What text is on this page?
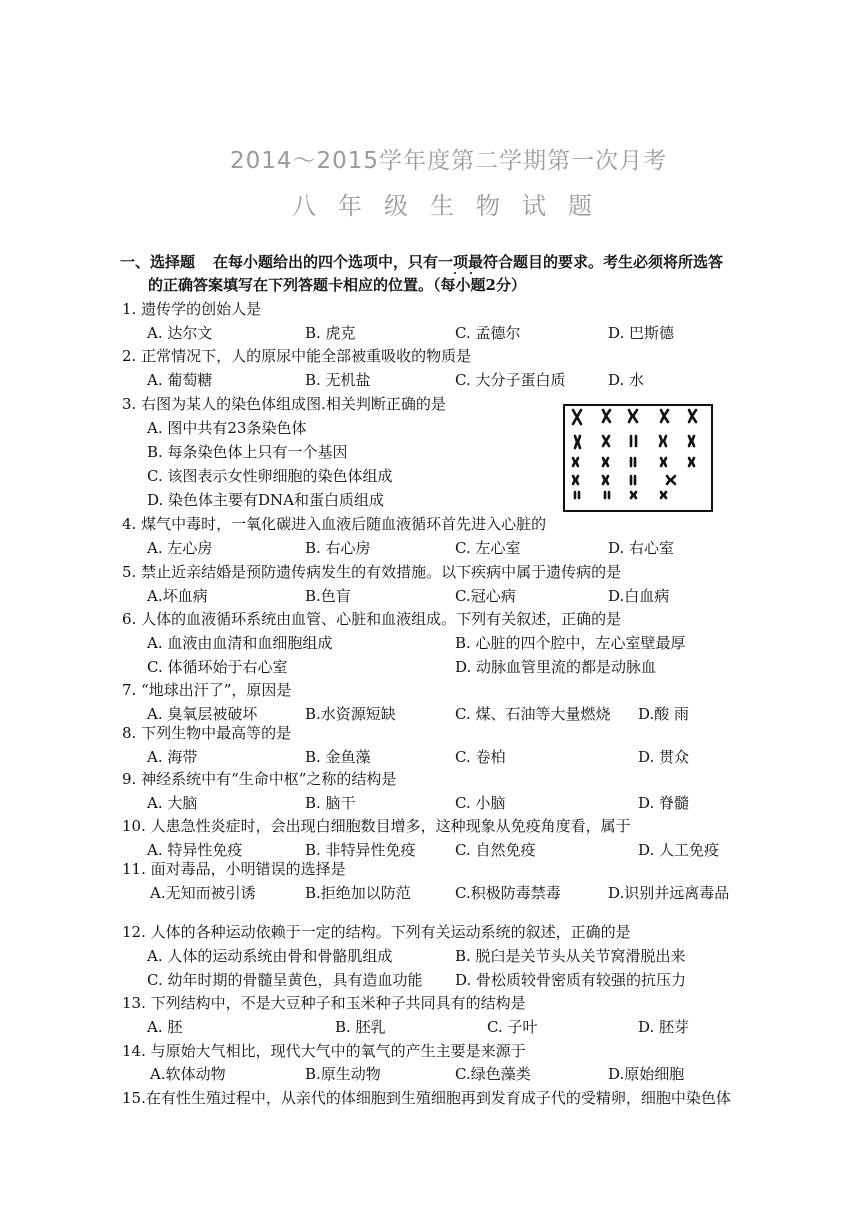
2014～2015学年度第二学期第一次月考
八年级生物试题
一、选择题 在每小题给出的四个选项中，只有一项最符合题目的要求。考生必须将所选答
的正确答案填写在下列答题卡相应的位置。（每小题2分）
1. 遗传学的创始人是
A. 达尔文	B. 虎克	C. 孟德尔	D. 巴斯德
2. 正常情况下，人的原尿中能全部被重吸收的物质是
A. 葡萄糖	B. 无机盐	C. 大分子蛋白质	D. 水
3. 右图为某人的染色体组成图.相关判断正确的是
A. 图中共有23条染色体
B. 每条染色体上只有一个基因
C. 该图表示女性卵细胞的染色体组成
D. 染色体主要有DNA和蛋白质组成
4. 煤气中毒时，一氧化碳进入血液后随血液循环首先进入心脏的
A. 左心房	B. 右心房	C. 左心室	D. 右心室
5. 禁止近亲结婚是预防遗传病发生的有效措施。以下疾病中属于遗传病的是
A.坏血病	B.色盲	C.冠心病	D.白血病
6. 人体的血液循环系统由血管、心脏和血液组成。下列有关叙述，正确的是
A. 血液由血清和血细胞组成	B. 心脏的四个腔中，左心室壁最厚
C. 体循环始于右心室	D. 动脉血管里流的都是动脉血
7. “地球出汗了”，原因是
A. 臭氧层被破坏	B.水资源短缺	C. 煤、石油等大量燃烧 D.酸 雨
8. 下列生物中最高等的是
A. 海带	B. 金鱼藻	C. 卷柏	D. 贯众
9. 神经系统中有“生命中枢”之称的结构是
A. 大脑	B. 脑干	C. 小脑	D. 脊髓
10. 人患急性炎症时，会出现白细胞数目增多，这种现象从免疫角度看，属于
A. 特异性免疫	B. 非特异性免疫	C. 自然免疫	D. 人工免疫
11. 面对毒品，小明错误的选择是
A.无知而被引诱	B.拒绝加以防范	C.积极防毒禁毒	D.识别并远离毒品
12. 人体的各种运动依赖于一定的结构。下列有关运动系统的叙述，正确的是
A. 人体的运动系统由骨和骨骼肌组成	B. 脱臼是关节头从关节窝滑脱出来
C. 幼年时期的骨髓呈黄色，具有造血功能 D. 骨松质较骨密质有较强的抗压力
13. 下列结构中，不是大豆种子和玉米种子共同具有的结构是
A. 胚	B. 胚乳	C. 子叶	D. 胚芽
14. 与原始大气相比，现代大气中的氧气的产生主要是来源于
A.软体动物	B.原生动物	C.绿色藻类	D.原始细胞
15.在有性生殖过程中，从亲代的体细胞到生殖细胞再到发育成子代的受精卵，细胞中染色体
